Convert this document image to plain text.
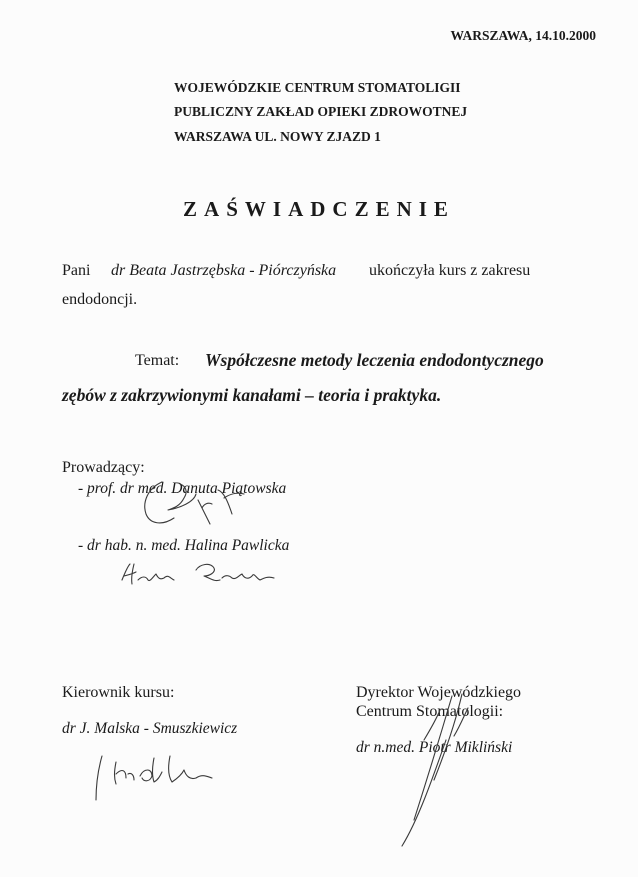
WARSZAWA, 14.10.2000
WOJEWÓDZKIE CENTRUM STOMATOLIGII
PUBLICZNY ZAKŁAD OPIEKI ZDROWOTNEJ
WARSZAWA UL. NOWY ZJAZD 1
ZAŚWIADCZENIE
Pani dr Beata Jastrzębska - Piórczyńska ukończyła kurs z zakresu
endodoncji.
Temat: Współczesne metody leczenia endodontycznego
zębów z zakrzywionymi kanałami – teoria i praktyka.
Prowadzący:
- prof. dr med. Danuta Piątowska
- dr hab. n. med. Halina Pawlicka
Kierownik kursu:
dr J. Malska - Smuszkiewicz
Dyrektor Wojewódzkiego
Centrum Stomatologii:
dr n.med. Piotr Mikliński
